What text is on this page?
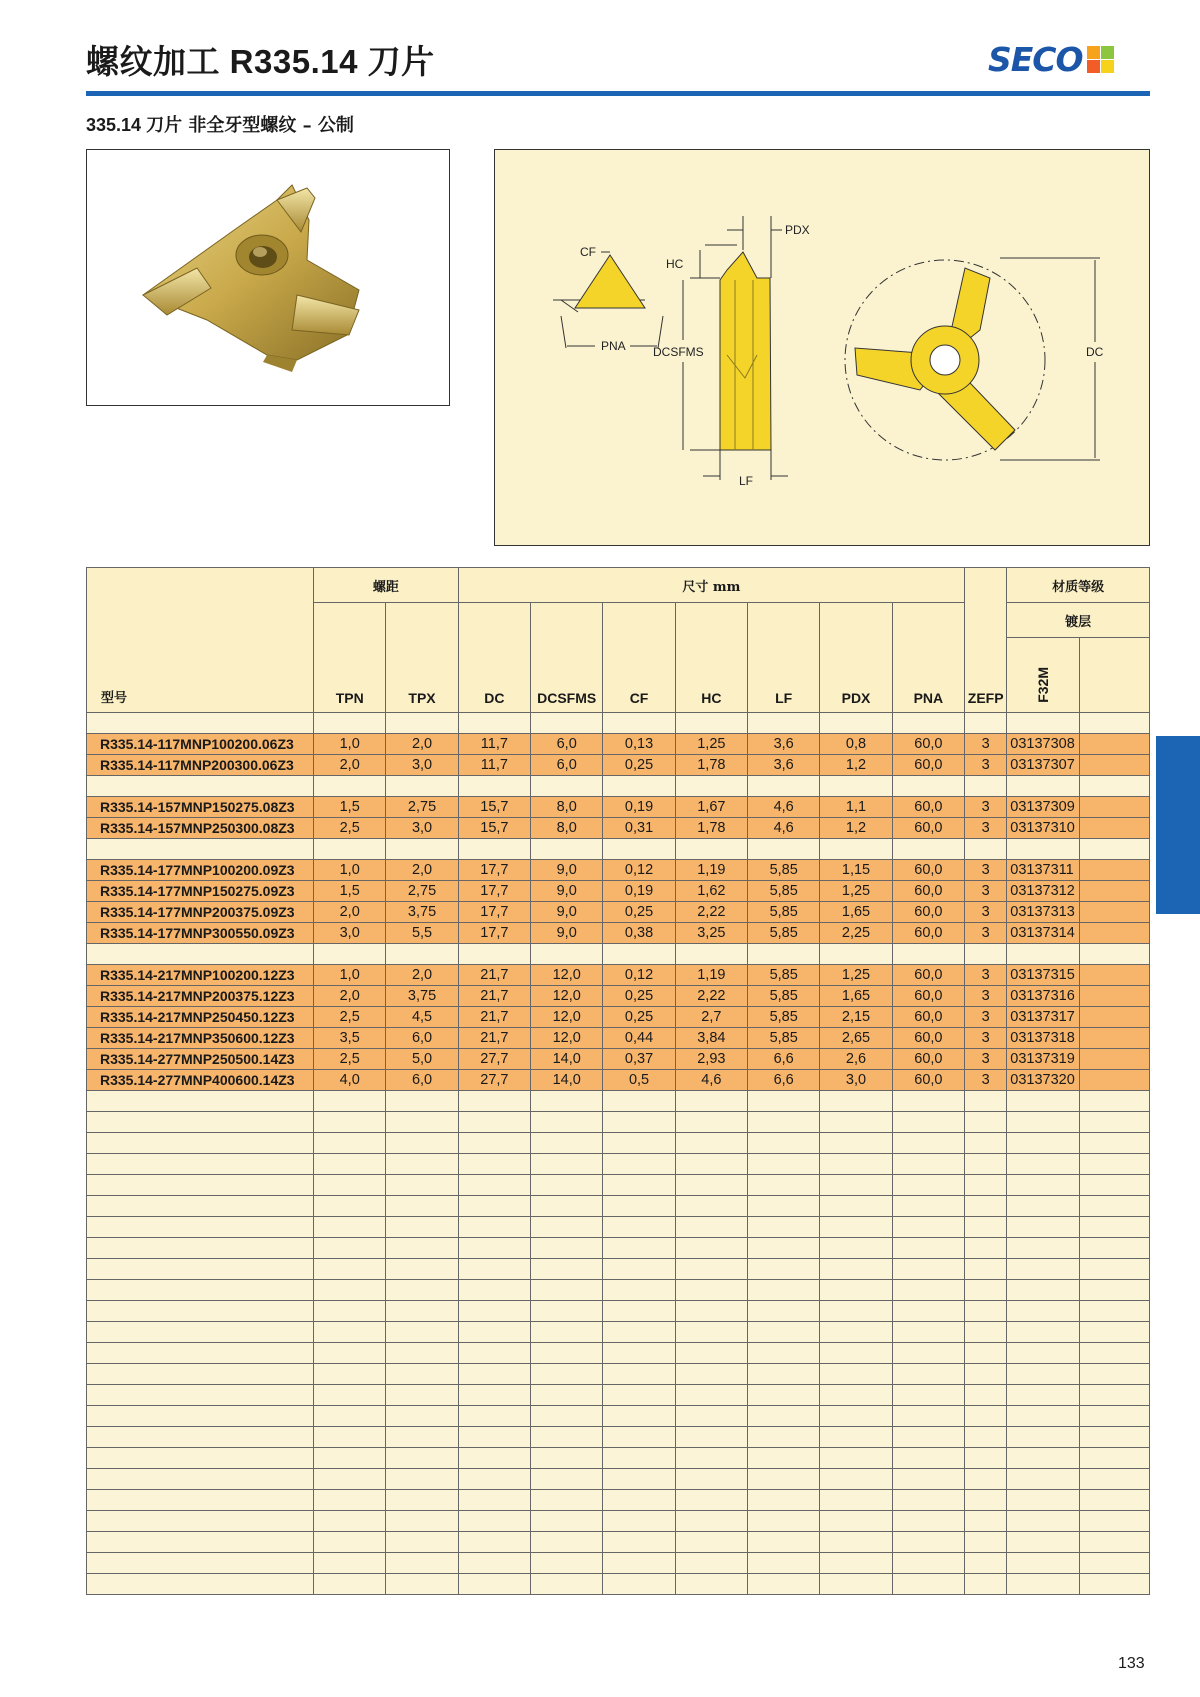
螺纹加工 R335.14 刀片	SECO
335.14 刀片 非全牙型螺纹 – 公制
PNA
CF
HC
DCSFMS
PDX
LF
DC
型号	螺距		尺寸 mm							ZEFP	材质等级	
	TPN	TPX	DC	DCSFMS	CF	HC	LF	PDX	PNA		镀层	
											F32M	

R335.14-117MNP100200.06Z3	1,0	2,0	11,7	6,0	0,13	1,25	3,6	0,8	60,0	3	03137308	
R335.14-117MNP200300.06Z3	2,0	3,0	11,7	6,0	0,25	1,78	3,6	1,2	60,0	3	03137307	

R335.14-157MNP150275.08Z3	1,5	2,75	15,7	8,0	0,19	1,67	4,6	1,1	60,0	3	03137309	
R335.14-157MNP250300.08Z3	2,5	3,0	15,7	8,0	0,31	1,78	4,6	1,2	60,0	3	03137310	

R335.14-177MNP100200.09Z3	1,0	2,0	17,7	9,0	0,12	1,19	5,85	1,15	60,0	3	03137311	
R335.14-177MNP150275.09Z3	1,5	2,75	17,7	9,0	0,19	1,62	5,85	1,25	60,0	3	03137312	
R335.14-177MNP200375.09Z3	2,0	3,75	17,7	9,0	0,25	2,22	5,85	1,65	60,0	3	03137313	
R335.14-177MNP300550.09Z3	3,0	5,5	17,7	9,0	0,38	3,25	5,85	2,25	60,0	3	03137314	

R335.14-217MNP100200.12Z3	1,0	2,0	21,7	12,0	0,12	1,19	5,85	1,25	60,0	3	03137315	
R335.14-217MNP200375.12Z3	2,0	3,75	21,7	12,0	0,25	2,22	5,85	1,65	60,0	3	03137316	
R335.14-217MNP250450.12Z3	2,5	4,5	21,7	12,0	0,25	2,7	5,85	2,15	60,0	3	03137317	
R335.14-217MNP350600.12Z3	3,5	6,0	21,7	12,0	0,44	3,84	5,85	2,65	60,0	3	03137318	
R335.14-277MNP250500.14Z3	2,5	5,0	27,7	14,0	0,37	2,93	6,6	2,6	60,0	3	03137319	
R335.14-277MNP400600.14Z3	4,0	6,0	27,7	14,0	0,5	4,6	6,6	3,0	60,0	3	03137320	

133
